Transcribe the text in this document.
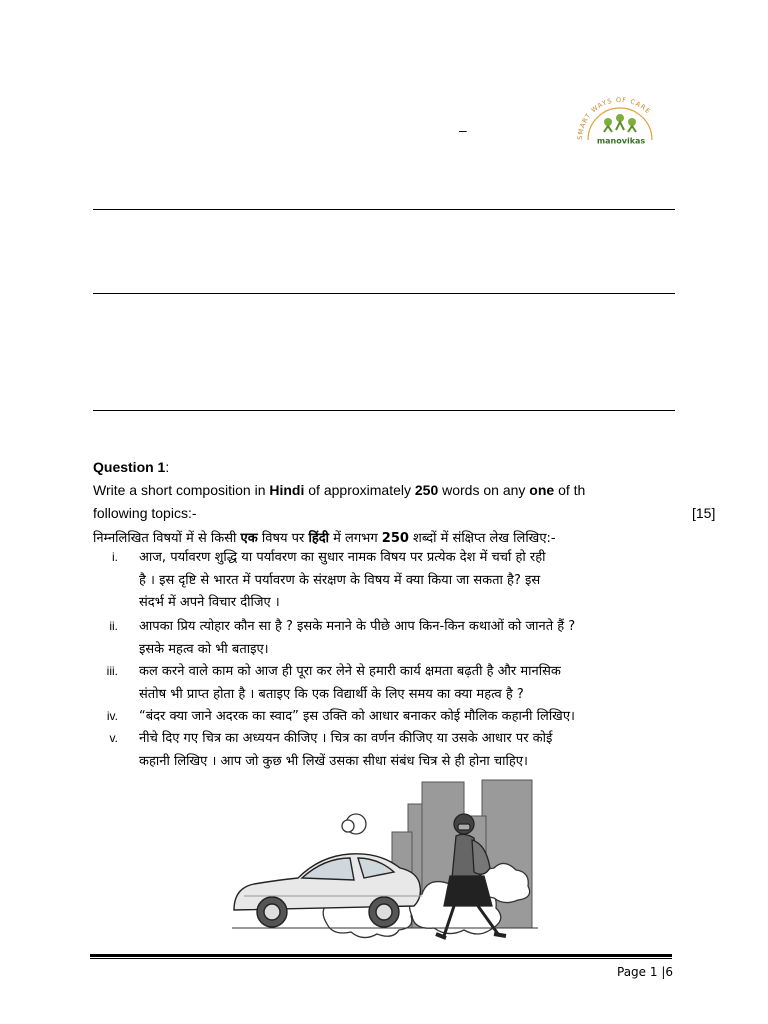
–	SMART WAYS OF CARE
manovikas
Question 1:
Write a short composition in Hindi of approximately 250 words on any one of th
following topics:-	[15]
निम्नलिखित विषयों में से किसी एक विषय पर हिंदी में लगभग 250 शब्दों में संक्षिप्त लेख लिखिए:-
i. आज, पर्यावरण शुद्धि या पर्यावरण का सुधार नामक विषय पर प्रत्येक देश में चर्चा हो रही
है । इस दृष्टि से भारत में पर्यावरण के संरक्षण के विषय में क्या किया जा सकता है? इस
संदर्भ में अपने विचार दीजिए ।
ii. आपका प्रिय त्योहार कौन सा है ? इसके मनाने के पीछे आप किन-किन कथाओं को जानते हैं ?
इसके महत्व को भी बताइए।
iii. कल करने वाले काम को आज ही पूरा कर लेने से हमारी कार्य क्षमता बढ़ती है और मानसिक
संतोष भी प्राप्त होता है । बताइए कि एक विद्यार्थी के लिए समय का क्या महत्व है ?
iv. “बंदर क्या जाने अदरक का स्वाद” इस उक्ति को आधार बनाकर कोई मौलिक कहानी लिखिए।
v. नीचे दिए गए चित्र का अध्ययन कीजिए । चित्र का वर्णन कीजिए या उसके आधार पर कोई
कहानी लिखिए । आप जो कुछ भी लिखें उसका सीधा संबंध चित्र से ही होना चाहिए।
Page 1 |6
